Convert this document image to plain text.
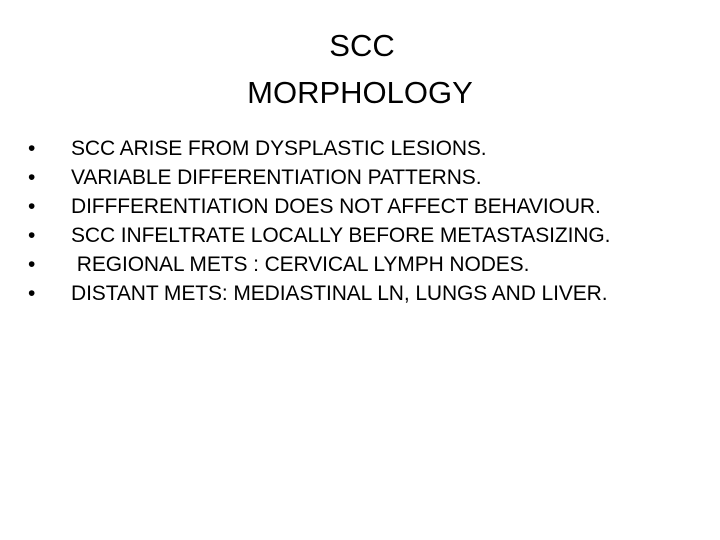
SCC
MORPHOLOGY
•	SCC ARISE FROM DYSPLASTIC LESIONS.
•	VARIABLE DIFFERENTIATION PATTERNS.
•	DIFFFERENTIATION DOES NOT AFFECT BEHAVIOUR.
•	SCC INFELTRATE LOCALLY BEFORE METASTASIZING.
•	REGIONAL METS : CERVICAL LYMPH NODES.
•	DISTANT METS: MEDIASTINAL LN, LUNGS AND LIVER.
